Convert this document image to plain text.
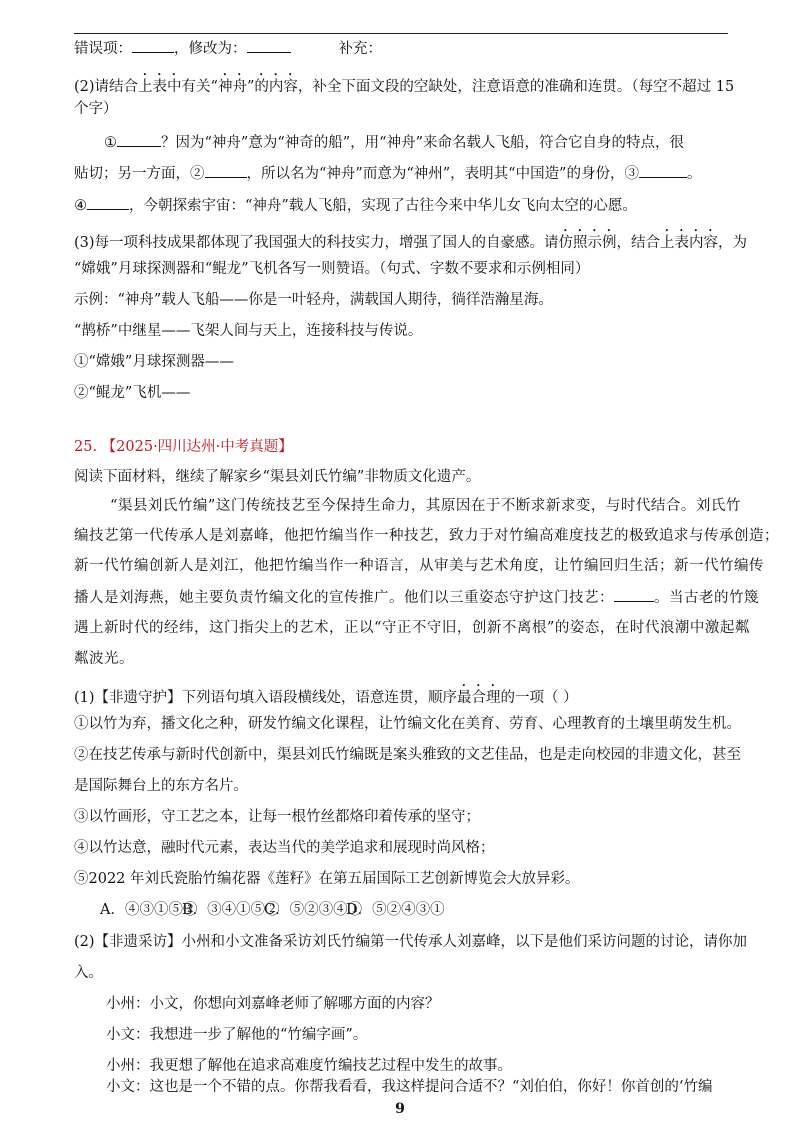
错误项：	，修改为：	补充：
(2)请结合上表中有关“神舟”的内容，补全下面文段的空缺处，注意语意的准确和连贯。（每空不超过 15
个字）
①	？因为“神舟”意为“神奇的船”，用“神舟”来命名载人飞船，符合它自身的特点，很
贴切；另一方面，②	，所以名为“神舟”而意为“神州”，表明其“中国造”的身份，③	。
④	，今朝探索宇宙：“神舟”载人飞船，实现了古往今来中华儿女飞向太空的心愿。
(3)每一项科技成果都体现了我国强大的科技实力，增强了国人的自豪感。请仿照示例，结合上表内容，为
“嫦娥”月球探测器和“鲲龙”飞机各写一则赞语。（句式、字数不要求和示例相同）
示例：“神舟”载人飞船——你是一叶轻舟，满载国人期待，徜徉浩瀚星海。
“鹊桥”中继星——飞架人间与天上，连接科技与传说。
①“嫦娥”月球探测器——
②“鲲龙”飞机——
25. 【2025·四川达州·中考真题】
阅读下面材料，继续了解家乡“渠县刘氏竹编”非物质文化遗产。
“渠县刘氏竹编”这门传统技艺至今保持生命力，其原因在于不断求新求变，与时代结合。刘氏竹
编技艺第一代传承人是刘嘉峰，他把竹编当作一种技艺，致力于对竹编高难度技艺的极致追求与传承创造；
新一代竹编创新人是刘江，他把竹编当作一种语言，从审美与艺术角度，让竹编回归生活；新一代竹编传
播人是刘海燕，她主要负责竹编文化的宣传推广。他们以三重姿态守护这门技艺：	。当古老的竹篾
遇上新时代的经纬，这门指尖上的艺术，正以“守正不守旧，创新不离根”的姿态，在时代浪潮中激起粼
粼波光。
(1)【非遗守护】下列语句填入语段横线处，语意连贯，顺序最合理的一项（ ）
①以竹为弃，播文化之种，研发竹编文化课程，让竹编文化在美育、劳育、心理教育的土壤里萌发生机。
②在技艺传承与新时代创新中，渠县刘氏竹编既是案头雅致的文艺佳品，也是走向校园的非遗文化，甚至
是国际舞台上的东方名片。
③以竹画形，守工艺之本，让每一根竹丝都烙印着传承的坚守；
④以竹达意，融时代元素，表达当代的美学追求和展现时尚风格；
⑤2022 年刘氏瓷胎竹编花器《莲籽》在第五届国际工艺创新博览会大放异彩。
A．④③①⑤②B．③④①⑤②C．⑤②③④①D．⑤②④③①
(2)【非遗采访】小州和小文准备采访刘氏竹编第一代传承人刘嘉峰，以下是他们采访问题的讨论，请你加
入。
小州：小文，你想向刘嘉峰老师了解哪方面的内容？
小文：我想进一步了解他的“竹编字画”。
小州：我更想了解他在追求高难度竹编技艺过程中发生的故事。
小文：这也是一个不错的点。你帮我看看，我这样提问合适不？“刘伯伯，你好！你首创的‘竹编
9
